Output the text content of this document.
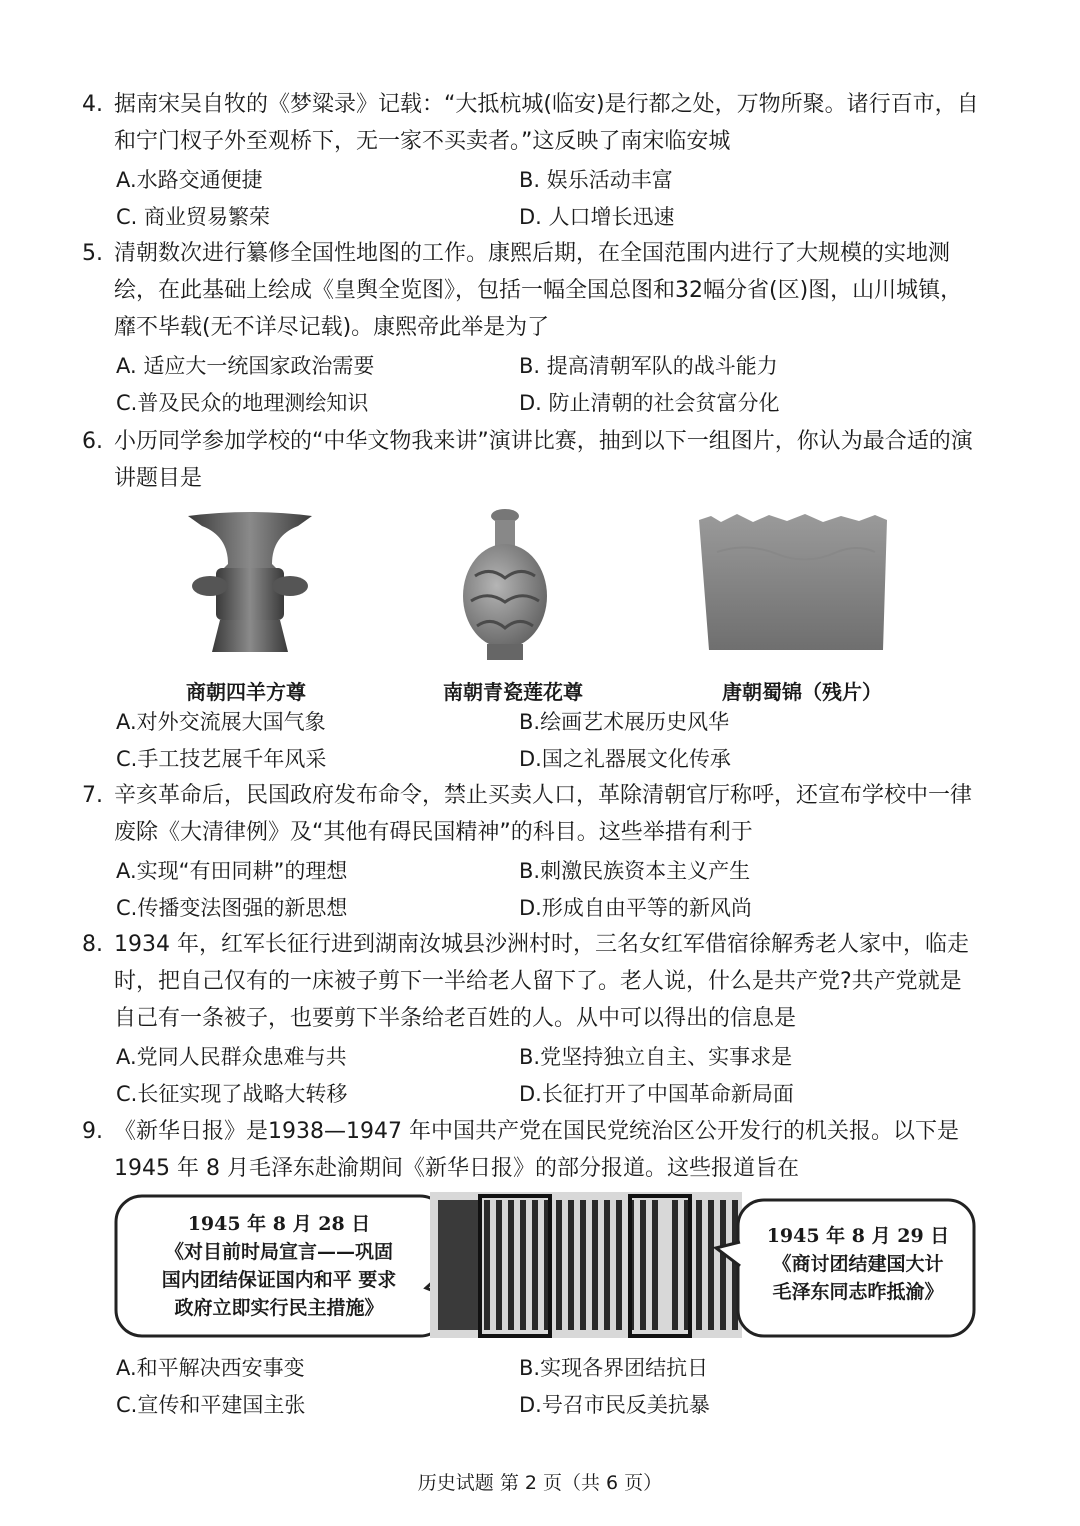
4. 据南宋吴自牧的《梦粱录》记载：“大抵杭城(临安)是行都之处，万物所聚。诸行百市，自和宁门杈子外至观桥下，无一家不买卖者。”这反映了南宋临安城

A.水路交通便捷	B. 娱乐活动丰富
C. 商业贸易繁荣	D. 人口增长迅速

5. 清朝数次进行纂修全国性地图的工作。康熙后期，在全国范围内进行了大规模的实地测绘，在此基础上绘成《皇舆全览图》，包括一幅全国总图和32幅分省(区)图，山川城镇，靡不毕载(无不详尽记载)。康熙帝此举是为了

A. 适应大一统国家政治需要	B. 提高清朝军队的战斗能力
C.普及民众的地理测绘知识	D. 防止清朝的社会贫富分化

6. 小历同学参加学校的“中华文物我来讲”演讲比赛，抽到以下一组图片，你认为最合适的演讲题目是

商朝四羊方尊	南朝青瓷莲花尊	唐朝蜀锦（残片）
A.对外交流展大国气象	B.绘画艺术展历史风华
C.手工技艺展千年风采	D.国之礼器展文化传承

7. 辛亥革命后，民国政府发布命令，禁止买卖人口，革除清朝官厅称呼，还宣布学校中一律废除《大清律例》及“其他有碍民国精神”的科目。这些举措有利于

A.实现“有田同耕”的理想	B.刺激民族资本主义产生
C.传播变法图强的新思想	D.形成自由平等的新风尚

8. 1934 年，红军长征行进到湖南汝城县沙洲村时，三名女红军借宿徐解秀老人家中，临走时，把自己仅有的一床被子剪下一半给老人留下了。老人说，什么是共产党?共产党就是自己有一条被子，也要剪下半条给老百姓的人。从中可以得出的信息是

A.党同人民群众患难与共	B.党坚持独立自主、实事求是
C.长征实现了战略大转移	D.长征打开了中国革命新局面

9. 《新华日报》是1938—1947 年中国共产党在国民党统治区公开发行的机关报。以下是1945 年 8 月毛泽东赴渝期间《新华日报》的部分报道。这些报道旨在

1945 年 8 月 28 日
《对目前时局宣言——巩固
国内团结保证国内和平 要求
政府立即实行民主措施》
1945 年 8 月 29 日
《商讨团结建国大计
毛泽东同志昨抵渝》
A.和平解决西安事变	B.实现各界团结抗日
C.宣传和平建国主张	D.号召市民反美抗暴
历史试题 第 2 页（共 6 页）
